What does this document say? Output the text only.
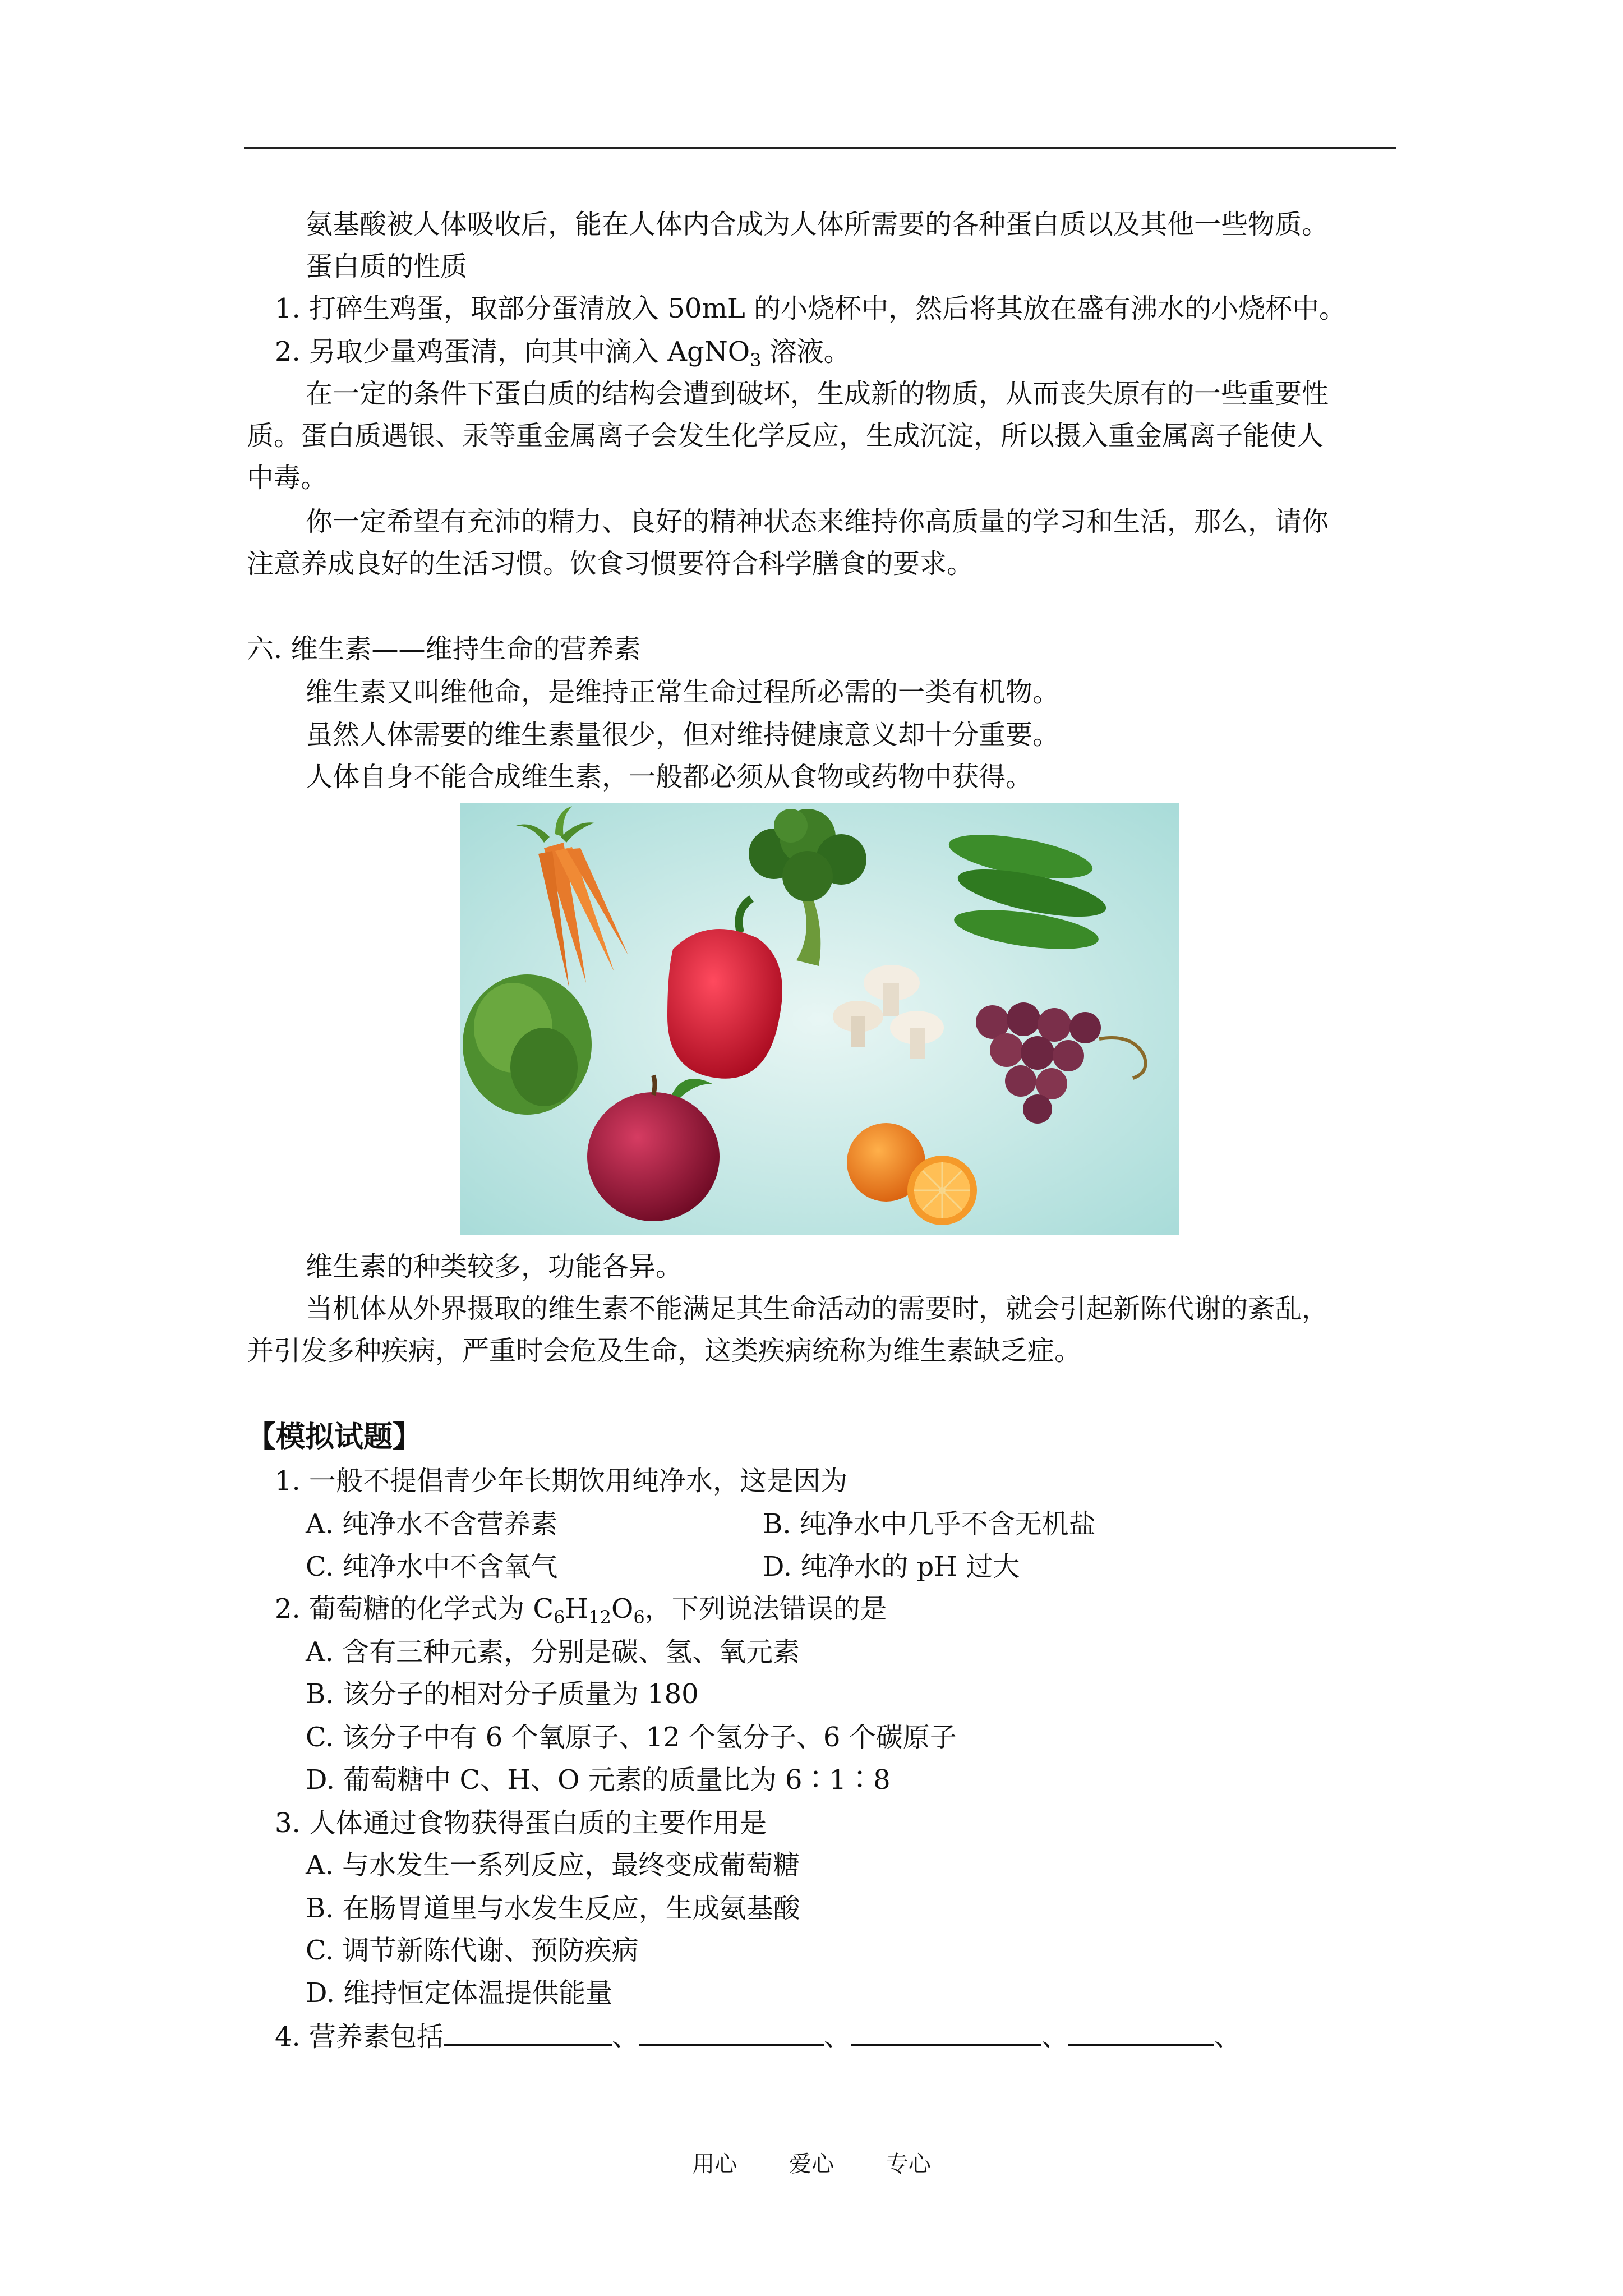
氨基酸被人体吸收后，能在人体内合成为人体所需要的各种蛋白质以及其他一些物质。
蛋白质的性质
1. 打碎生鸡蛋，取部分蛋清放入 50mL 的小烧杯中，然后将其放在盛有沸水的小烧杯中。
2. 另取少量鸡蛋清，向其中滴入 AgNO$_3$ 溶液。
在一定的条件下蛋白质的结构会遭到破坏，生成新的物质，从而丧失原有的一些重要性
质。蛋白质遇银、汞等重金属离子会发生化学反应，生成沉淀，所以摄入重金属离子能使人
中毒。
你一定希望有充沛的精力、良好的精神状态来维持你高质量的学习和生活，那么，请你
注意养成良好的生活习惯。饮食习惯要符合科学膳食的要求。
六. 维生素——维持生命的营养素
维生素又叫维他命，是维持正常生命过程所必需的一类有机物。
虽然人体需要的维生素量很少，但对维持健康意义却十分重要。
人体自身不能合成维生素，一般都必须从食物或药物中获得。
维生素的种类较多，功能各异。
当机体从外界摄取的维生素不能满足其生命活动的需要时，就会引起新陈代谢的紊乱，
并引发多种疾病，严重时会危及生命，这类疾病统称为维生素缺乏症。
【模拟试题】
1. 一般不提倡青少年长期饮用纯净水，这是因为
A. 纯净水不含营养素	B. 纯净水中几乎不含无机盐
C. 纯净水中不含氧气	D. 纯净水的 pH 过大
2. 葡萄糖的化学式为 $C_6H_{12}O_6$，下列说法错误的是
A. 含有三种元素，分别是碳、氢、氧元素
B. 该分子的相对分子质量为 180
C. 该分子中有 6 个氧原子、12 个氢分子、6 个碳原子
D. 葡萄糖中 C、H、O 元素的质量比为 6∶1∶8
3. 人体通过食物获得蛋白质的主要作用是
A. 与水发生一系列反应，最终变成葡萄糖
B. 在肠胃道里与水发生反应，生成氨基酸
C. 调节新陈代谢、预防疾病
D. 维持恒定体温提供能量
4. 营养素包括	、	、	、	、
用心 爱心 专心
